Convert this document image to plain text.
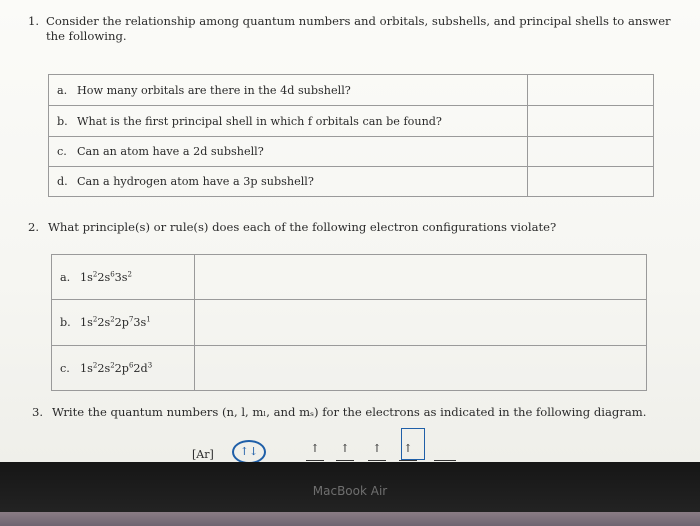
1. Consider the relationship among quantum numbers and orbitals, subshells, and principal shells to answer the following.
a. How many orbitals are there in the 4d subshell?	
b. What is the first principal shell in which f orbitals can be found?	
c. Can an atom have a 2d subshell?	
d. Can a hydrogen atom have a 3p subshell?	
2. What principle(s) or rule(s) does each of the following electron configurations violate?
a. $1s^22s^63s^2$	
b. $1s^22s^22p^73s^1$	
c. $1s^22s^22p^62d^3$	
3. Write the quantum numbers (n, l, mₗ, and mₛ) for the electrons as indicated in the following diagram.
[Ar]	↑↓	↑	↑	↑	↑
MacBook Air
